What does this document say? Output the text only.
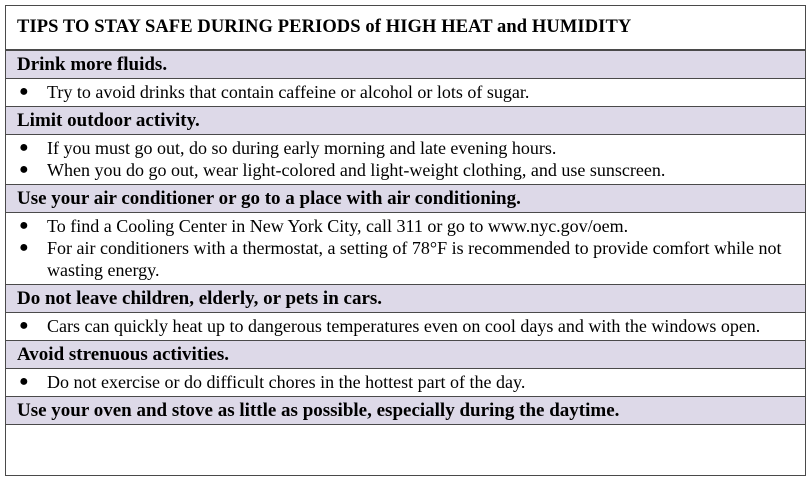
TIPS TO STAY SAFE DURING PERIODS of HIGH HEAT and HUMIDITY
Drink more fluids.
● Try to avoid drinks that contain caffeine or alcohol or lots of sugar.
Limit outdoor activity.
● If you must go out, do so during early morning and late evening hours.
● When you do go out, wear light-colored and light-weight clothing, and use sunscreen.
Use your air conditioner or go to a place with air conditioning.
● To find a Cooling Center in New York City, call 311 or go to www.nyc.gov/oem.
● For air conditioners with a thermostat, a setting of 78°F is recommended to provide comfort while not wasting energy.
Do not leave children, elderly, or pets in cars.
● Cars can quickly heat up to dangerous temperatures even on cool days and with the windows open.
Avoid strenuous activities.
● Do not exercise or do difficult chores in the hottest part of the day.
Use your oven and stove as little as possible, especially during the daytime.
